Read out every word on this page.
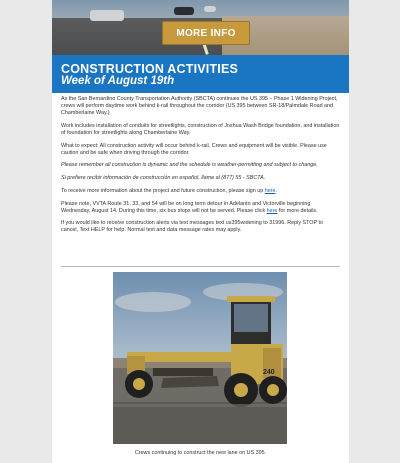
MORE INFO
CONSTRUCTION ACTIVITIES
Week of August 19th

As the San Bernardino County Transportation Authority (SBCTA) continues the US 395 – Phase 1 Widening Project, crews will perform daytime work behind k-rail throughout the corridor (US 395 between SR-18/Palmdale Road and Chamberlaine Way.)

Work includes installation of conduits for streetlights, construction of Joshua Wash Bridge foundation, and installation of foundation for streetlights along Chamberlaine Way.

What to expect: All construction activity will occur behind k-rail. Crews and equipment will be visible. Please use caution and be safe when driving through the corridor.

Please remember all construction is dynamic and the schedule is weather-permitting and subject to change.

Si prefiere recibir información de construcción en español, llame al (877) 55 - SBCTA.

To receive more information about the project and future construction, please sign up here.

Please note, VVTA Route 31, 33, and 54 will be on long term detour in Adelanto and Victorville beginning Wednesday, August 14. During this time, six bus stops will not be served. Please click here for more details.

If you would like to receive construction alerts via text messages text us395widening to 31996. Reply STOP to cancel, Text HELP for help. Normal text and data message rates may apply.

240
Crews continuing to construct the new lane on US 395.
